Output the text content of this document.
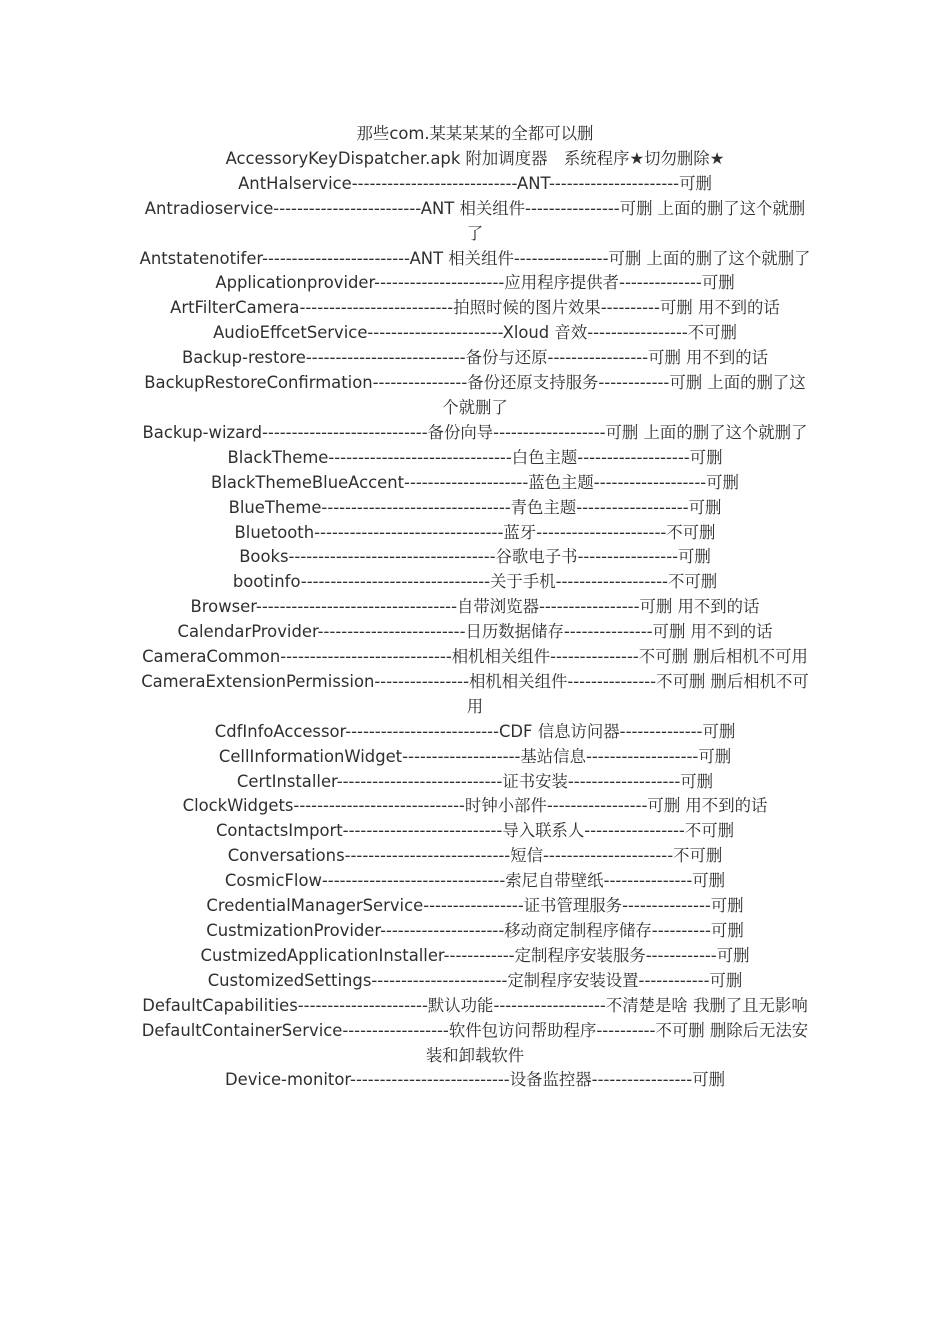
那些com.某某某某的全都可以删

AccessoryKeyDispatcher.apk 附加调度器　系统程序★切勿删除★

AntHalservice----------------------------ANT----------------------可删

Antradioservice-------------------------ANT 相关组件----------------可删 上面的删了这个就删了

Antstatenotifer-------------------------ANT 相关组件----------------可删 上面的删了这个就删了

Applicationprovider----------------------应用程序提供者--------------可删

ArtFilterCamera--------------------------拍照时候的图片效果----------可删 用不到的话

AudioEffcetService-----------------------Xloud 音效-----------------不可删

Backup-restore---------------------------备份与还原-----------------可删 用不到的话

BackupRestoreConfirmation----------------备份还原支持服务------------可删 上面的删了这个就删了

Backup-wizard----------------------------备份向导-------------------可删 上面的删了这个就删了

BlackTheme-------------------------------白色主题-------------------可删

BlackThemeBlueAccent---------------------蓝色主题-------------------可删

BlueTheme--------------------------------青色主题-------------------可删

Bluetooth--------------------------------蓝牙----------------------不可删

Books-----------------------------------谷歌电子书-----------------可删

bootinfo--------------------------------关于手机-------------------不可删

Browser----------------------------------自带浏览器-----------------可删 用不到的话

CalendarProvider-------------------------日历数据储存---------------可删 用不到的话

CameraCommon-----------------------------相机相关组件---------------不可删 删后相机不可用

CameraExtensionPermission----------------相机相关组件---------------不可删 删后相机不可用

CdfInfoAccessor--------------------------CDF 信息访问器--------------可删

CellInformationWidget--------------------基站信息-------------------可删

CertInstaller----------------------------证书安装-------------------可删

ClockWidgets-----------------------------时钟小部件-----------------可删 用不到的话

ContactsImport---------------------------导入联系人-----------------不可删

Conversations----------------------------短信----------------------不可删

CosmicFlow-------------------------------索尼自带壁纸---------------可删

CredentialManagerService-----------------证书管理服务---------------可删

CustmizationProvider---------------------移动商定制程序储存----------可删

CustmizedApplicationInstaller------------定制程序安装服务------------可删

CustomizedSettings-----------------------定制程序安装设置------------可删

DefaultCapabilities----------------------默认功能-------------------不清楚是啥 我删了且无影响

DefaultContainerService------------------软件包访问帮助程序----------不可删 删除后无法安装和卸载软件

Device-monitor---------------------------设备监控器-----------------可删
